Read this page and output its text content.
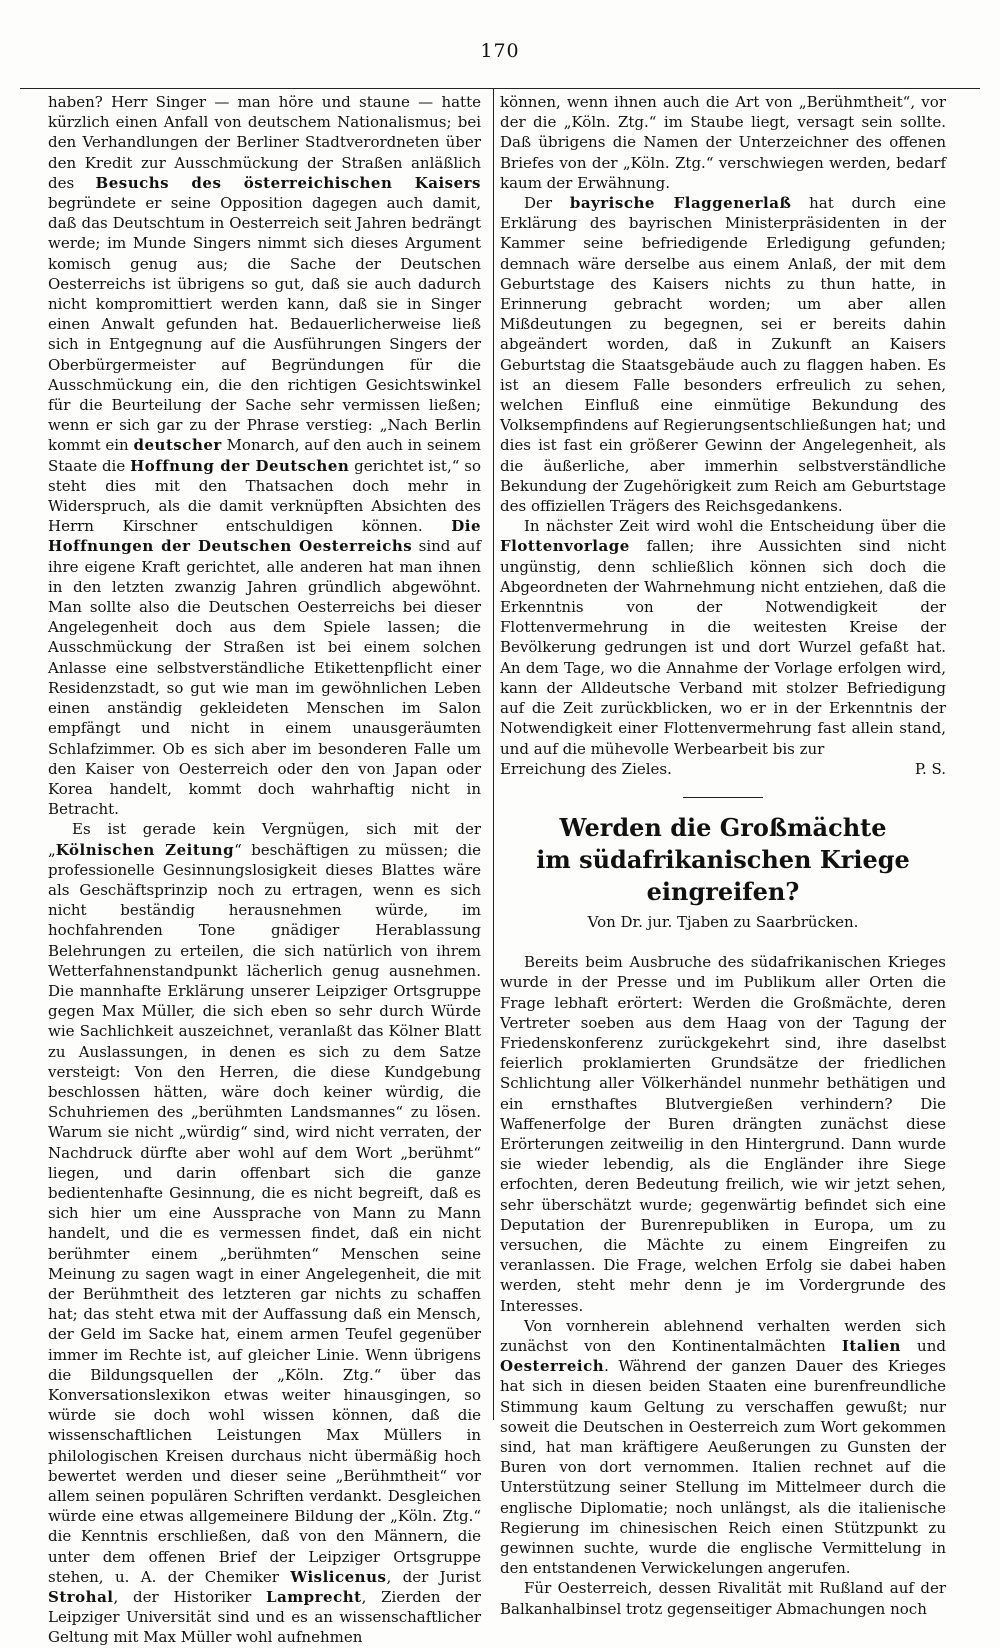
170

haben? Herr Singer — man höre und staune — hatte kürzlich einen Anfall von deutschem Nationalismus; bei den Verhandlungen der Berliner Stadtverordneten über den Kredit zur Ausschmückung der Straßen anläßlich des Besuchs des österreichischen Kaisers begründete er seine Opposition dagegen auch damit, daß das Deutschtum in Oesterreich seit Jahren bedrängt werde; im Munde Singers nimmt sich dieses Argument komisch genug aus; die Sache der Deutschen Oesterreichs ist übrigens so gut, daß sie auch dadurch nicht kompromittiert werden kann, daß sie in Singer einen Anwalt gefunden hat. Bedauerlicherweise ließ sich in Entgegnung auf die Ausführungen Singers der Oberbürgermeister auf Begründungen für die Ausschmückung ein, die den richtigen Gesichtswinkel für die Beurteilung der Sache sehr vermissen ließen; wenn er sich gar zu der Phrase verstieg: „Nach Berlin kommt ein deutscher Monarch, auf den auch in seinem Staate die Hoffnung der Deutschen gerichtet ist,“ so steht dies mit den Thatsachen doch mehr in Widerspruch, als die damit verknüpften Absichten des Herrn Kirschner entschuldigen können. Die Hoffnungen der Deutschen Oesterreichs sind auf ihre eigene Kraft gerichtet, alle anderen hat man ihnen in den letzten zwanzig Jahren gründlich abgewöhnt. Man sollte also die Deutschen Oesterreichs bei dieser Angelegenheit doch aus dem Spiele lassen; die Ausschmückung der Straßen ist bei einem solchen Anlasse eine selbstverständliche Etikettenpflicht einer Residenzstadt, so gut wie man im gewöhnlichen Leben einen anständig gekleideten Menschen im Salon empfängt und nicht in einem unausgeräumten Schlafzimmer. Ob es sich aber im besonderen Falle um den Kaiser von Oesterreich oder den von Japan oder Korea handelt, kommt doch wahrhaftig nicht in Betracht.

Es ist gerade kein Vergnügen, sich mit der „Kölnischen Zeitung“ beschäftigen zu müssen; die professionelle Gesinnungslosigkeit dieses Blattes wäre als Geschäftsprinzip noch zu ertragen, wenn es sich nicht beständig herausnehmen würde, im hochfahrenden Tone gnädiger Herablassung Belehrungen zu erteilen, die sich natürlich von ihrem Wetterfahnenstandpunkt lächerlich genug ausnehmen. Die mannhafte Erklärung unserer Leipziger Ortsgruppe gegen Max Müller, die sich eben so sehr durch Würde wie Sachlichkeit auszeichnet, veranlaßt das Kölner Blatt zu Auslassungen, in denen es sich zu dem Satze versteigt: Von den Herren, die diese Kundgebung beschlossen hätten, wäre doch keiner würdig, die Schuhriemen des „berühmten Landsmannes“ zu lösen. Warum sie nicht „würdig“ sind, wird nicht verraten, der Nachdruck dürfte aber wohl auf dem Wort „berühmt“ liegen, und darin offenbart sich die ganze bedientenhafte Gesinnung, die es nicht begreift, daß es sich hier um eine Aussprache von Mann zu Mann handelt, und die es vermessen findet, daß ein nicht berühmter einem „berühmten“ Menschen seine Meinung zu sagen wagt in einer Angelegenheit, die mit der Berühmtheit des letzteren gar nichts zu schaffen hat; das steht etwa mit der Auffassung daß ein Mensch, der Geld im Sacke hat, einem armen Teufel gegenüber immer im Rechte ist, auf gleicher Linie. Wenn übrigens die Bildungsquellen der „Köln. Ztg.“ über das Konversationslexikon etwas weiter hinausgingen, so würde sie doch wohl wissen können, daß die wissenschaftlichen Leistungen Max Müllers in philologischen Kreisen durchaus nicht übermäßig hoch bewertet werden und dieser seine „Berühmtheit“ vor allem seinen populären Schriften verdankt. Desgleichen würde eine etwas allgemeinere Bildung der „Köln. Ztg.“ die Kenntnis erschließen, daß von den Männern, die unter dem offenen Brief der Leipziger Ortsgruppe stehen, u. A. der Chemiker Wislicenus, der Jurist Strohal, der Historiker Lamprecht, Zierden der Leipziger Universität sind und es an wissenschaftlicher Geltung mit Max Müller wohl aufnehmen

können, wenn ihnen auch die Art von „Berühmtheit“, vor der die „Köln. Ztg.“ im Staube liegt, versagt sein sollte. Daß übrigens die Namen der Unterzeichner des offenen Briefes von der „Köln. Ztg.“ verschwiegen werden, bedarf kaum der Erwähnung.

Der bayrische Flaggenerlaß hat durch eine Erklärung des bayrischen Ministerpräsidenten in der Kammer seine befriedigende Erledigung gefunden; demnach wäre derselbe aus einem Anlaß, der mit dem Geburtstage des Kaisers nichts zu thun hatte, in Erinnerung gebracht worden; um aber allen Mißdeutungen zu begegnen, sei er bereits dahin abgeändert worden, daß in Zukunft an Kaisers Geburtstag die Staatsgebäude auch zu flaggen haben. Es ist an diesem Falle besonders erfreulich zu sehen, welchen Einfluß eine einmütige Bekundung des Volksempfindens auf Regierungsentschließungen hat; und dies ist fast ein größerer Gewinn der Angelegenheit, als die äußerliche, aber immerhin selbstverständliche Bekundung der Zugehörigkeit zum Reich am Geburtstage des offiziellen Trägers des Reichsgedankens.

In nächster Zeit wird wohl die Entscheidung über die Flottenvorlage fallen; ihre Aussichten sind nicht ungünstig, denn schließlich können sich doch die Abgeordneten der Wahrnehmung nicht entziehen, daß die Erkenntnis von der Notwendigkeit der Flottenvermehrung in die weitesten Kreise der Bevölkerung gedrungen ist und dort Wurzel gefaßt hat. An dem Tage, wo die Annahme der Vorlage erfolgen wird, kann der Alldeutsche Verband mit stolzer Befriedigung auf die Zeit zurückblicken, wo er in der Erkenntnis der Notwendigkeit einer Flottenvermehrung fast allein stand, und auf die mühevolle Werbearbeit bis zur

Erreichung des Zieles.	P. S.

Werden die Großmächte

im südafrikanischen Kriege eingreifen?

Von Dr. jur. Tjaben zu Saarbrücken.

Bereits beim Ausbruche des südafrikanischen Krieges wurde in der Presse und im Publikum aller Orten die Frage lebhaft erörtert: Werden die Großmächte, deren Vertreter soeben aus dem Haag von der Tagung der Friedenskonferenz zurückgekehrt sind, ihre daselbst feierlich proklamierten Grundsätze der friedlichen Schlichtung aller Völkerhändel nunmehr bethätigen und ein ernsthaftes Blutvergießen verhindern? Die Waffenerfolge der Buren drängten zunächst diese Erörterungen zeitweilig in den Hintergrund. Dann wurde sie wieder lebendig, als die Engländer ihre Siege erfochten, deren Bedeutung freilich, wie wir jetzt sehen, sehr überschätzt wurde; gegenwärtig befindet sich eine Deputation der Burenrepubliken in Europa, um zu versuchen, die Mächte zu einem Eingreifen zu veranlassen. Die Frage, welchen Erfolg sie dabei haben werden, steht mehr denn je im Vordergrunde des Interesses.

Von vornherein ablehnend verhalten werden sich zunächst von den Kontinentalmächten Italien und Oesterreich. Während der ganzen Dauer des Krieges hat sich in diesen beiden Staaten eine burenfreundliche Stimmung kaum Geltung zu verschaffen gewußt; nur soweit die Deutschen in Oesterreich zum Wort gekommen sind, hat man kräftigere Aeußerungen zu Gunsten der Buren von dort vernommen. Italien rechnet auf die Unterstützung seiner Stellung im Mittelmeer durch die englische Diplomatie; noch unlängst, als die italienische Regierung im chinesischen Reich einen Stützpunkt zu gewinnen suchte, wurde die englische Vermittelung in den entstandenen Verwickelungen angerufen.

Für Oesterreich, dessen Rivalität mit Rußland auf der Balkanhalbinsel trotz gegenseitiger Abmachungen noch
